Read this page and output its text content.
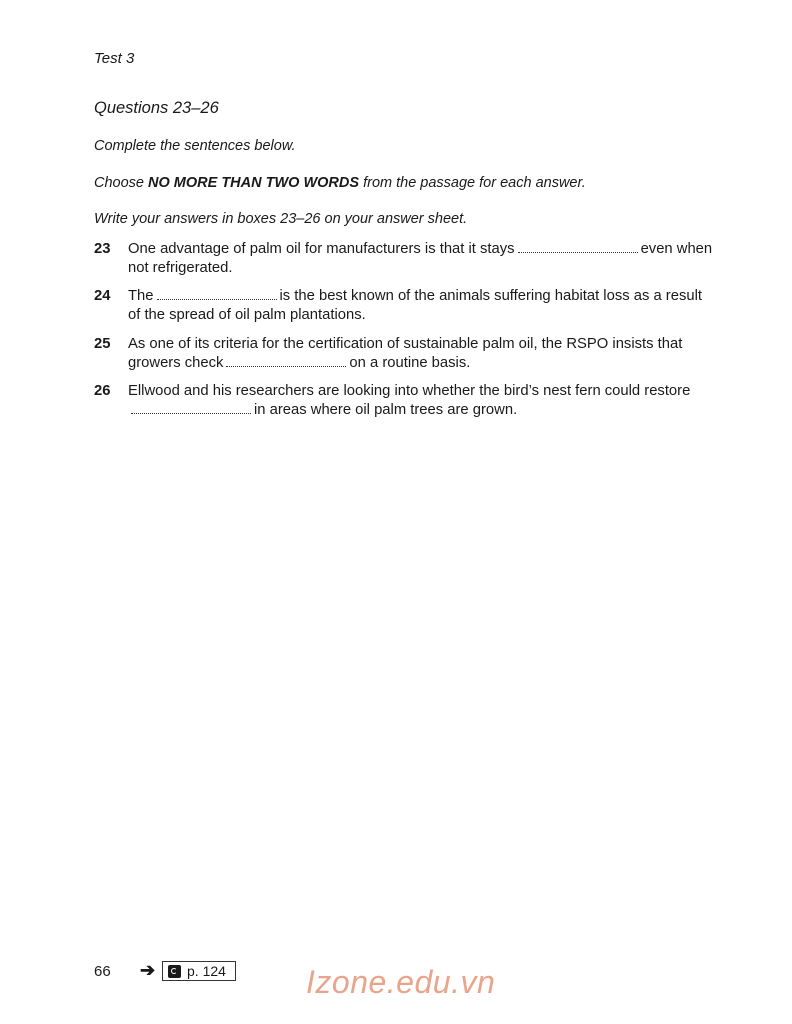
Test 3
Questions 23–26
Complete the sentences below.
Choose NO MORE THAN TWO WORDS from the passage for each answer.
Write your answers in boxes 23–26 on your answer sheet.
23 One advantage of palm oil for manufacturers is that it stays	even when not refrigerated.
24 The	is the best known of the animals suffering habitat loss as a result of the spread of oil palm plantations.
25 As one of its criteria for the certification of sustainable palm oil, the RSPO insists that growers check	on a routine basis.
26 Ellwood and his researchers are looking into whether the bird’s nest fern could restorein areas where oil palm trees are grown.
66 ➔ p. 124	Izone.edu.vn
